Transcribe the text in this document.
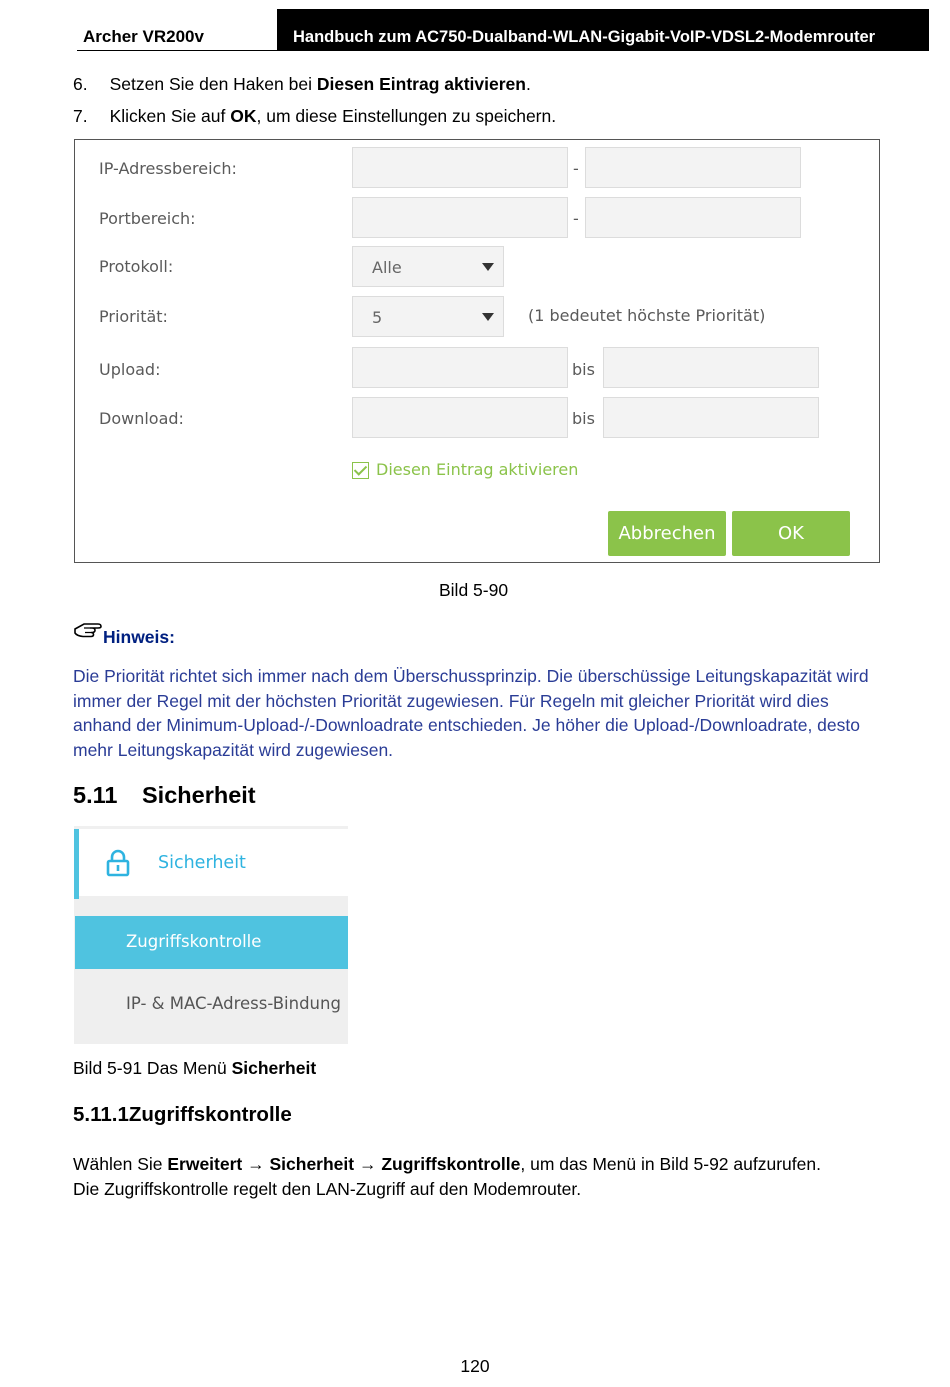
Archer VR200v	Handbuch zum AC750-Dualband-WLAN-Gigabit-VoIP-VDSL2-Modemrouter
6. Setzen Sie den Haken bei Diesen Eintrag aktivieren.
7. Klicken Sie auf OK, um diese Einstellungen zu speichern.
IP-Adressbereich:	-
Portbereich:	-
Protokoll:	Alle
Priorität:	5	(1 bedeutet höchste Priorität)
Upload:	bis
Download:	bis
Diesen Eintrag aktivieren
Abbrechen	OK
Bild 5-90
Hinweis:
Die Priorität richtet sich immer nach dem Überschussprinzip. Die überschüssige Leitungskapazität wird immer der Regel mit der höchsten Priorität zugewiesen. Für Regeln mit gleicher Priorität wird dies anhand der Minimum-Upload-/-Downloadrate entschieden. Je höher die Upload-/Downloadrate, desto mehr Leitungskapazität wird zugewiesen.
5.11 Sicherheit
Sicherheit
Zugriffskontrolle
IP- & MAC-Adress-Bindung
Bild 5-91 Das Menü Sicherheit
5.11.1Zugriffskontrolle
Wählen Sie Erweitert → Sicherheit → Zugriffskontrolle, um das Menü in Bild 5-92 aufzurufen.
Die Zugriffskontrolle regelt den LAN-Zugriff auf den Modemrouter.
120
